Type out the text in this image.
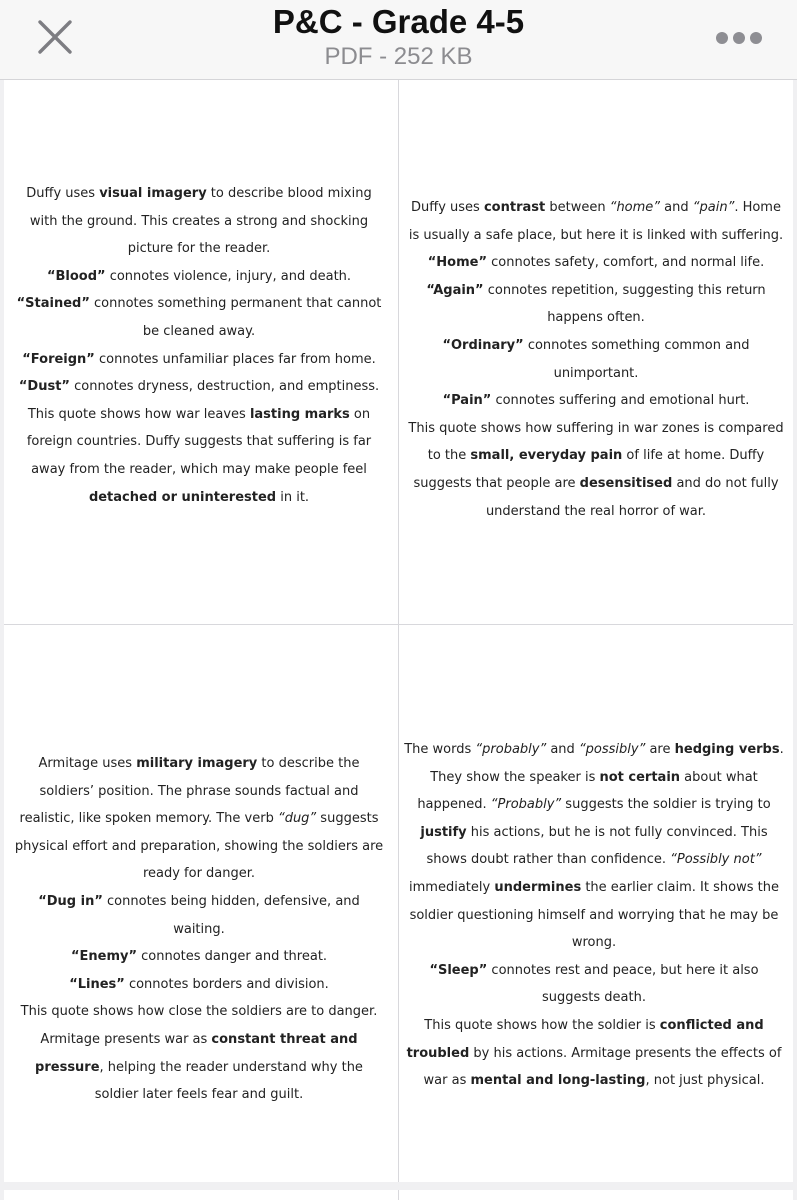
P&C - Grade 4-5
PDF - 252 KB

Duffy uses visual imagery to describe blood mixing with the ground. This creates a strong and shocking picture for the reader.

“Blood” connotes violence, injury, and death.

“Stained” connotes something permanent that cannot be cleaned away.

“Foreign” connotes unfamiliar places far from home.

“Dust” connotes dryness, destruction, and emptiness.

This quote shows how war leaves lasting marks on foreign countries. Duffy suggests that suffering is far away from the reader, which may make people feel detached or uninterested in it.

Duffy uses contrast between “home” and “pain”. Home is usually a safe place, but here it is linked with suffering.

“Home” connotes safety, comfort, and normal life.

“Again” connotes repetition, suggesting this return happens often.

“Ordinary” connotes something common and unimportant.

“Pain” connotes suffering and emotional hurt.

This quote shows how suffering in war zones is compared to the small, everyday pain of life at home. Duffy suggests that people are desensitised and do not fully understand the real horror of war.

Armitage uses military imagery to describe the soldiers’ position. The phrase sounds factual and realistic, like spoken memory. The verb “dug” suggests physical effort and preparation, showing the soldiers are ready for danger.

“Dug in” connotes being hidden, defensive, and waiting.

“Enemy” connotes danger and threat.

“Lines” connotes borders and division.

This quote shows how close the soldiers are to danger. Armitage presents war as constant threat and pressure, helping the reader understand why the soldier later feels fear and guilt.

The words “probably” and “possibly” are hedging verbs. They show the speaker is not certain about what happened. “Probably” suggests the soldier is trying to justify his actions, but he is not fully convinced. This shows doubt rather than confidence. “Possibly not” immediately undermines the earlier claim. It shows the soldier questioning himself and worrying that he may be wrong.

“Sleep” connotes rest and peace, but here it also suggests death.

This quote shows how the soldier is conflicted and troubled by his actions. Armitage presents the effects of war as mental and long-lasting, not just physical.
